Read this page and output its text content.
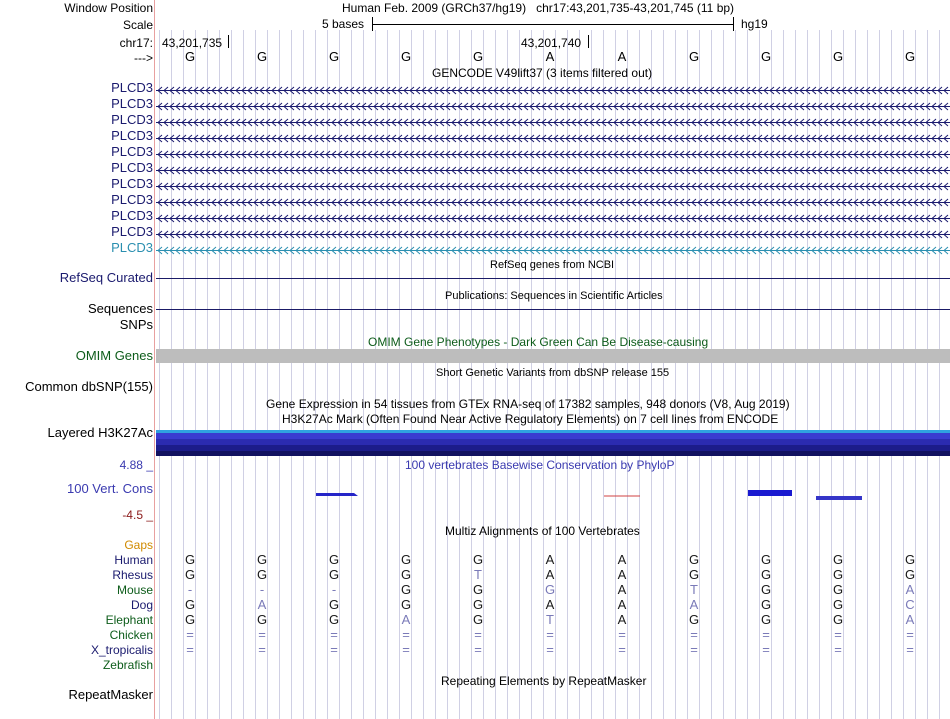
Window Position	Human Feb. 2009 (GRCh37/hg19)   chr17:43,201,735-43,201,745 (11 bp)
Scale	5 bases	hg19
chr17: 43,201,735	43,201,740
--->
GENCODE V49lift37 (3 items filtered out)
RefSeq genes from NCBI
RefSeq Curated
Publications: Sequences in Scientific Articles
Sequences
SNPs
OMIM Gene Phenotypes - Dark Green Can Be Disease-causing
OMIM Genes
Short Genetic Variants from dbSNP release 155
Common dbSNP(155)
Gene Expression in 54 tissues from GTEx RNA-seq of 17382 samples, 948 donors (V8, Aug 2019)
H3K27Ac Mark (Often Found Near Active Regulatory Elements) on 7 cell lines from ENCODE
Layered H3K27Ac
100 vertebrates Basewise Conservation by PhyloP
4.88 _
100 Vert. Cons
-4.5 _
Multiz Alignments of 100 Vertebrates
Gaps
Repeating Elements by RepeatMasker
RepeatMasker
G	G	G	G	G	A	A	G	G	G	G
PLCD3
PLCD3
PLCD3
PLCD3
PLCD3
PLCD3
PLCD3
PLCD3
PLCD3
PLCD3
PLCD3
Human G	G	G	G	G	A	A	G	G	G	G
Rhesus G	G	G	G	T	A	A	G	G	G	G
Mouse	-	-	-	G	G	G	A	T	G	G	A
Dog G	A	G	G	G	A	A	A	G	G	C
Elephant G	G	G	A	G	T	A	G	G	G	A
Chicken	=	=	=	=	=	=	=	=	=	=	=
X_tropicalis	=	=	=	=	=	=	=	=	=	=	=
Zebrafish
